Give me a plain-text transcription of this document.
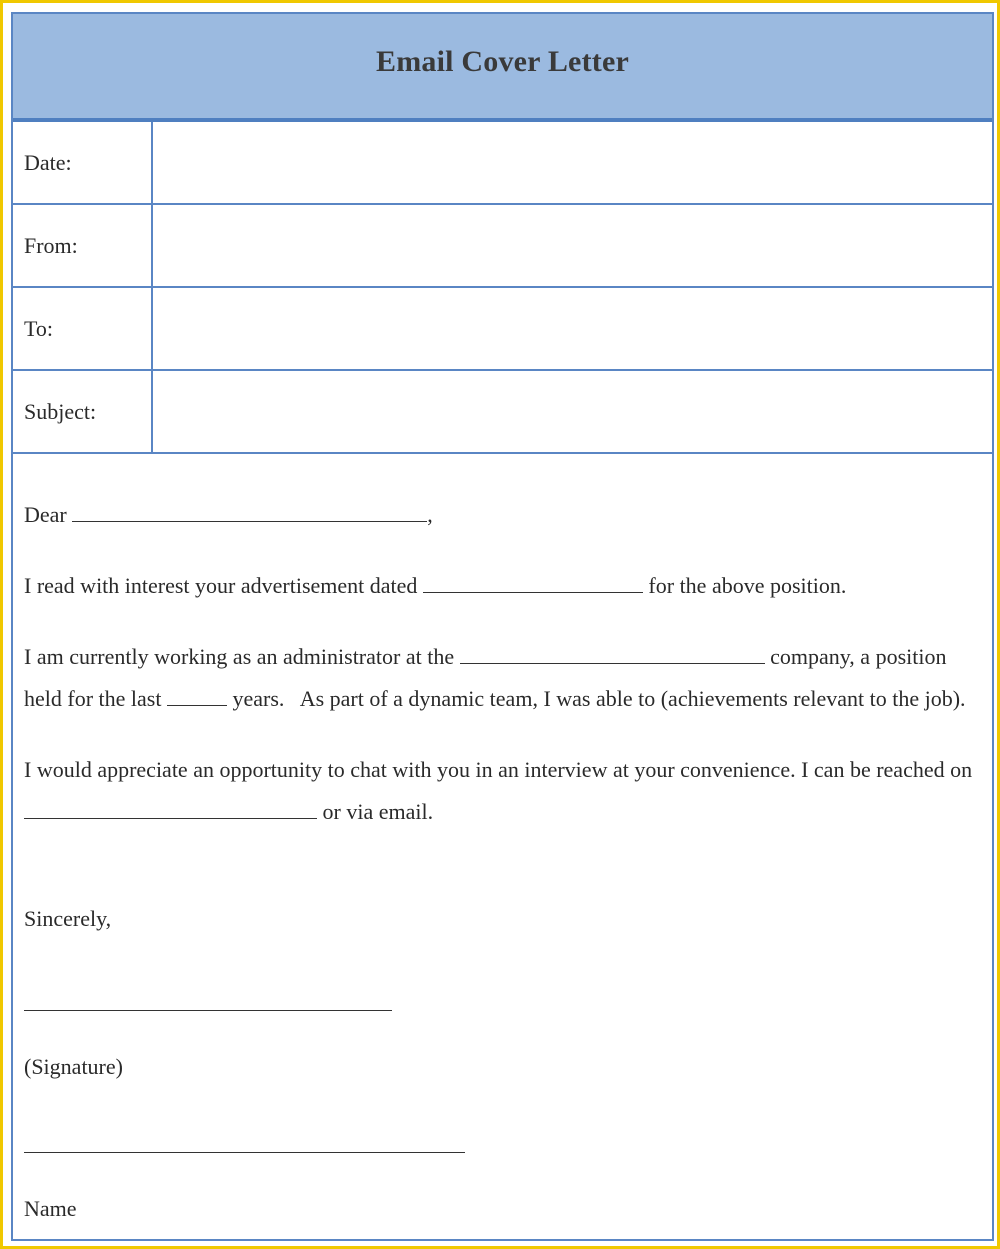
Email Cover Letter
Date:
From:
To:
Subject:

Dear	,

I read with interest your advertisement dated	for the above position.

I am currently working as an administrator at the	company, a position held for the last	years. As part of a dynamic team, I was able to (achievements relevant to the job).

I would appreciate an opportunity to chat with you in an interview at your convenience. I can be reached on  or via email.

Sincerely,
(Signature)
Name
